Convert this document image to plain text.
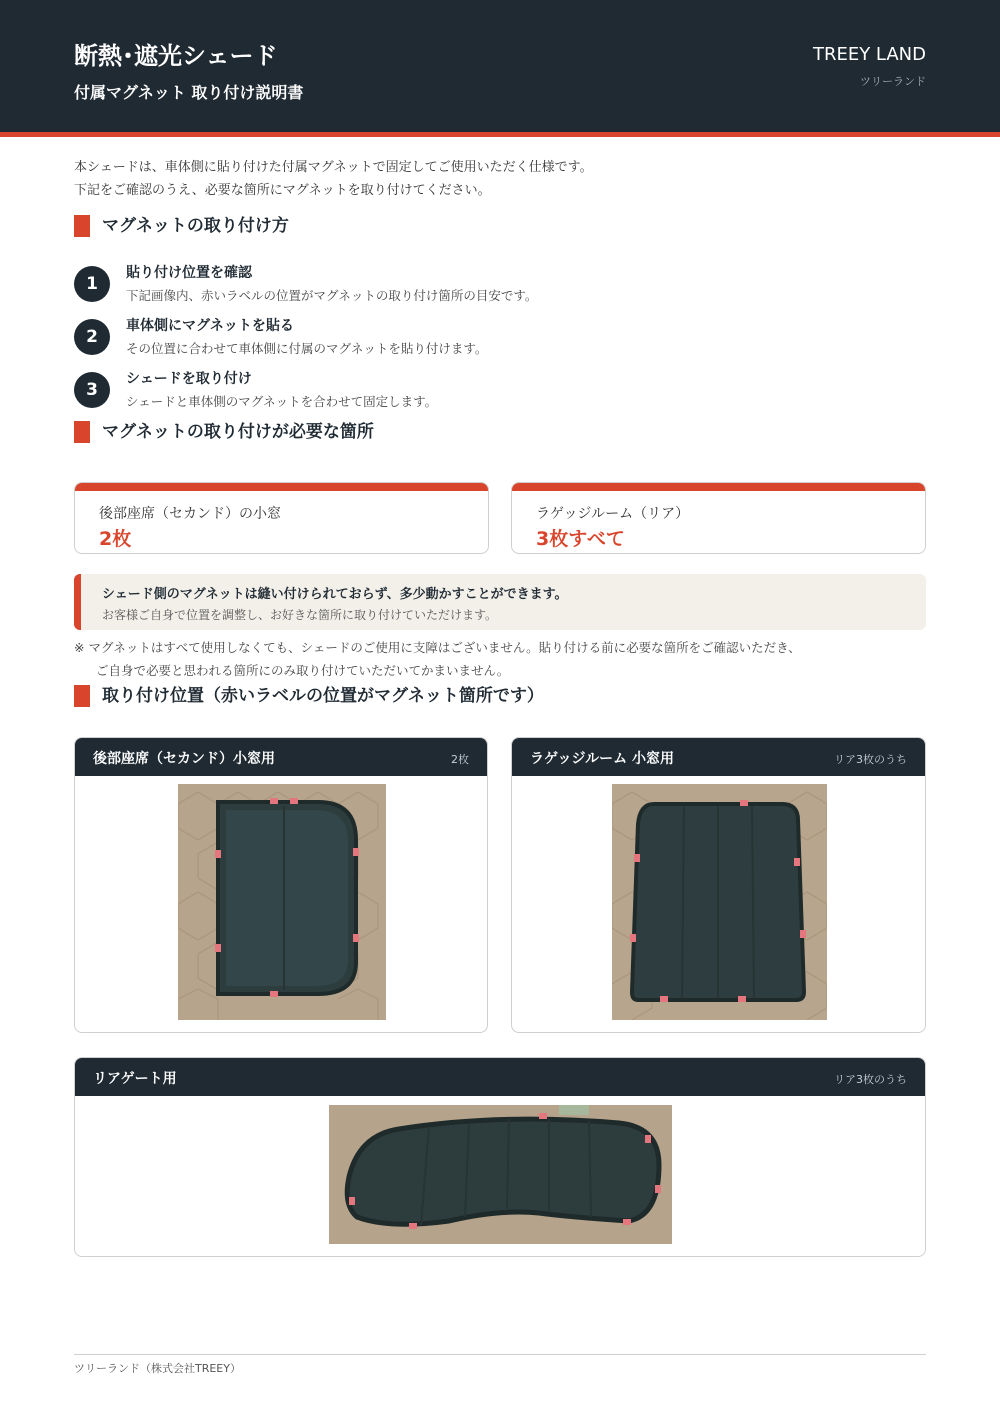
断熱･遮光シェード
付属マグネット 取り付け説明書
TREEY LAND
ツリーランド
本シェードは、車体側に貼り付けた付属マグネットで固定してご使用いただく仕様です。
下記をご確認のうえ、必要な箇所にマグネットを取り付けてください。
マグネットの取り付け方
1
貼り付け位置を確認
下記画像内、赤いラベルの位置がマグネットの取り付け箇所の目安です。
2
車体側にマグネットを貼る
その位置に合わせて車体側に付属のマグネットを貼り付けます。
3
シェードを取り付け
シェードと車体側のマグネットを合わせて固定します。
マグネットの取り付けが必要な箇所
後部座席（セカンド）の小窓
2枚
ラゲッジルーム（リア）
3枚すべて
シェード側のマグネットは縫い付けられておらず、多少動かすことができます。
お客様ご自身で位置を調整し、お好きな箇所に取り付けていただけます。
※ マグネットはすべて使用しなくても、シェードのご使用に支障はございません。貼り付ける前に必要な箇所をご確認いただき、
ご自身で必要と思われる箇所にのみ取り付けていただいてかまいません。
取り付け位置（赤いラベルの位置がマグネット箇所です）
後部座席（セカンド）小窓用	2枚	ラゲッジルーム 小窓用	リア3枚のうち
リアゲート用	リア3枚のうち
ツリーランド（株式会社TREEY）
